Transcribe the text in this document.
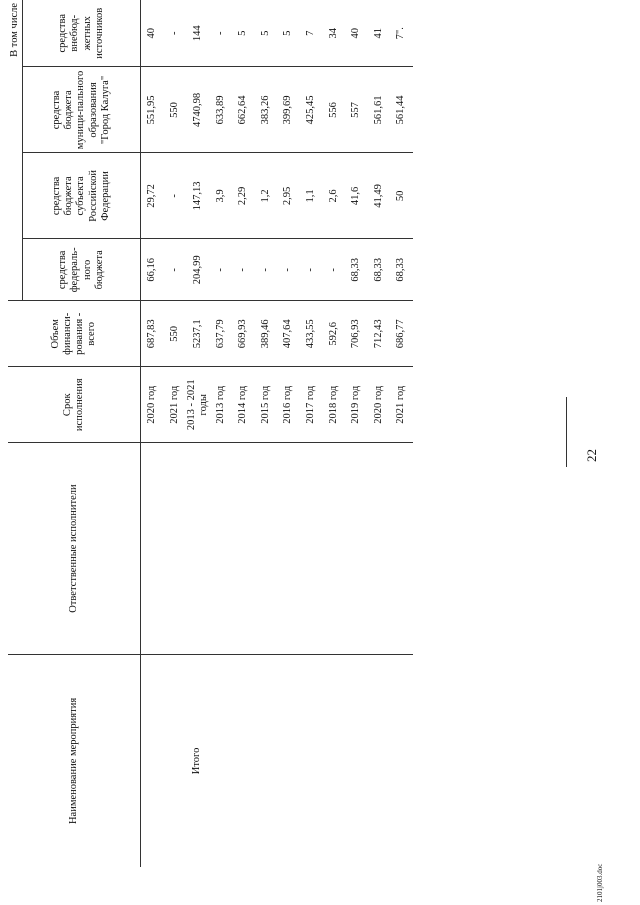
22
2101j003.doc
Наименование мероприятия	Ответственные исполнители	Срок исполнения	Объем финанси-рования - всего	В том числе			
				средства федераль-ного бюджета	средства бюджета субъекта Российской Федерации	средства бюджета муници-пального образования "Город Калуга"	средства внебюд-жетных источников

Итого		2020 год	687,83	66,16	29,72	551,95	40
		2021 год	550	-	-	550	-
		2013 - 2021 годы	5237,1	204,99	147,13	4740,98	144
		2013 год	637,79	-	3,9	633,89	-
		2014 год	669,93	-	2,29	662,64	5
		2015 год	389,46	-	1,2	383,26	5
		2016 год	407,64	-	2,95	399,69	5
		2017 год	433,55	-	1,1	425,45	7
		2018 год	592,6	-	2,6	556	34
		2019 год	706,93	68,33	41,6	557	40
		2020 год	712,43	68,33	41,49	561,61	41
		2021 год	686,77	68,33	50	561,44	7".
